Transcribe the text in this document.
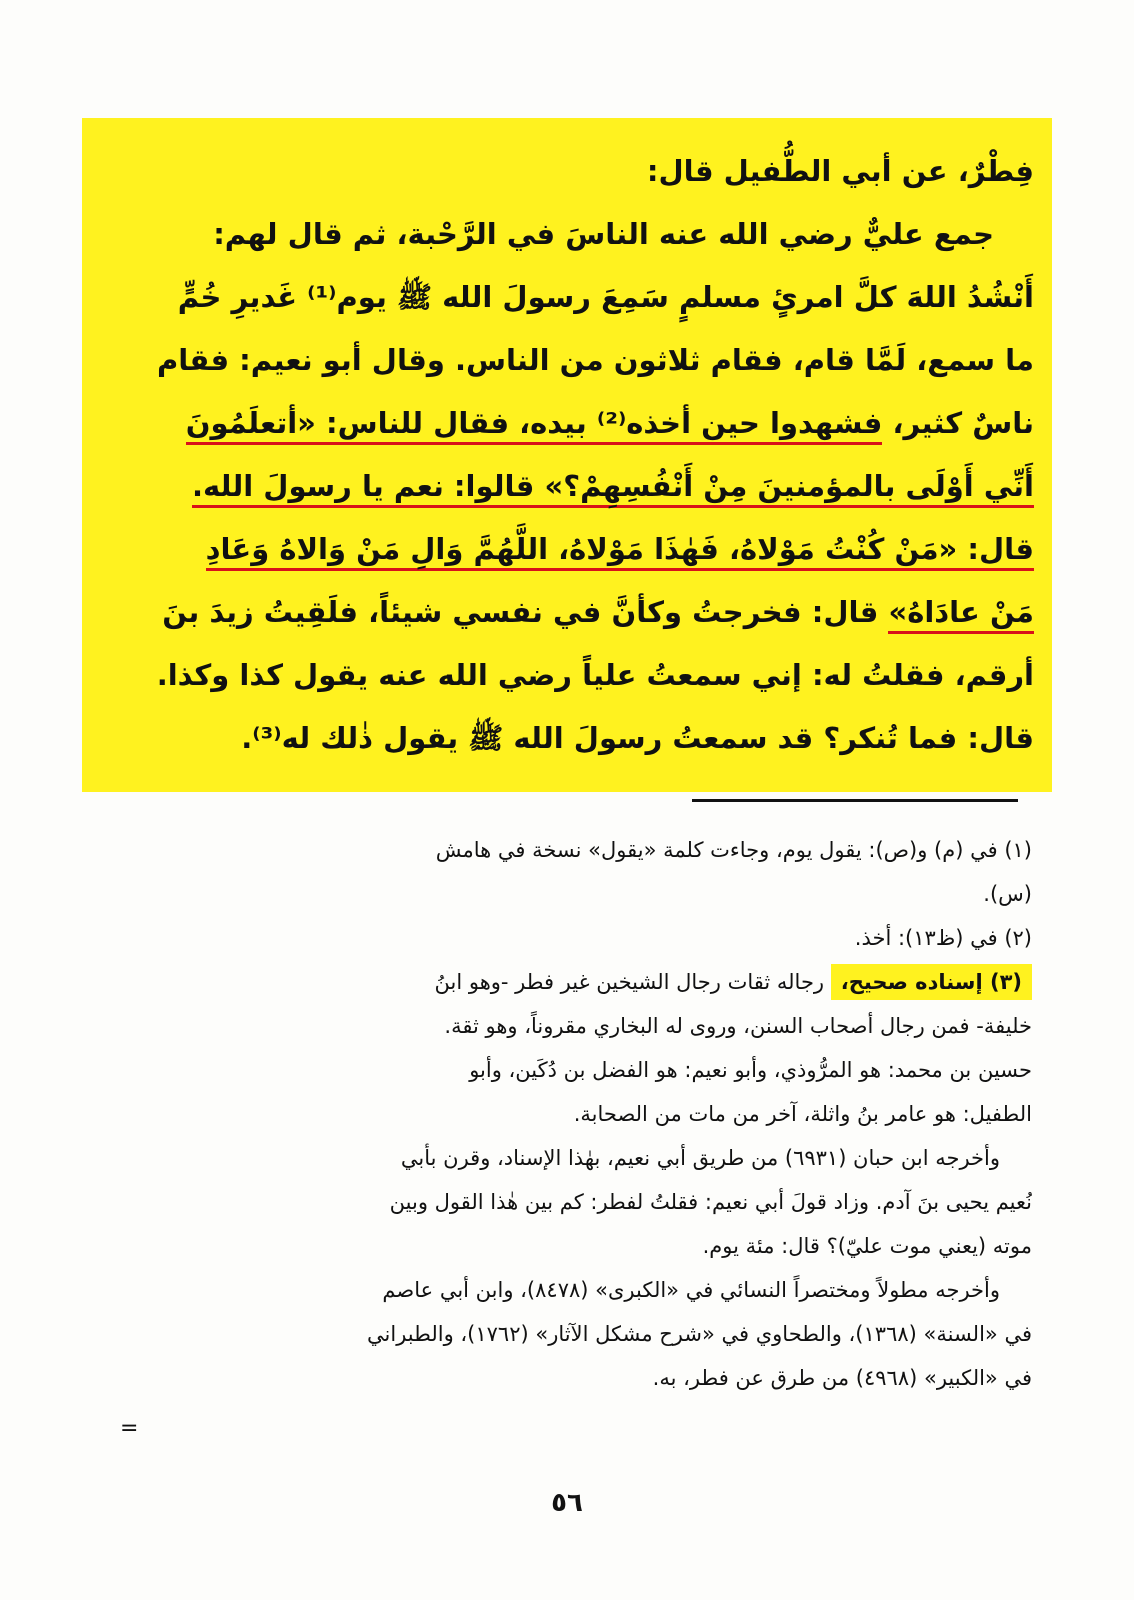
فِطْرٌ، عن أبي الطُّفيل قال:
جمع عليٌّ رضي الله عنه الناسَ في الرَّحْبة، ثم قال لهم:
أَنْشُدُ اللهَ كلَّ امرئٍ مسلمٍ سَمِعَ رسولَ الله ﷺ يوم⁽¹⁾ غَديرِ خُمٍّ
ما سمع، لَمَّا قام، فقام ثلاثون من الناس. وقال أبو نعيم: فقام
ناسٌ كثير، فشهدوا حين أخذه⁽²⁾ بيده، فقال للناس: «أتعلَمُونَ
أَنِّي أَوْلَى بالمؤمنينَ مِنْ أَنْفُسِهِمْ؟» قالوا: نعم يا رسولَ الله.
قال: «مَنْ كُنْتُ مَوْلاهُ، فَهٰذَا مَوْلاهُ، اللَّهُمَّ وَالِ مَنْ وَالاهُ وَعَادِ
مَنْ عادَاهُ» قال: فخرجتُ وكأنَّ في نفسي شيئاً، فلَقِيتُ زيدَ بنَ
أرقم، فقلتُ له: إني سمعتُ علياً رضي الله عنه يقول كذا وكذا.
قال: فما تُنكر؟ قد سمعتُ رسولَ الله ﷺ يقول ذٰلك له⁽³⁾.
(١) في (م) و(ص): يقول يوم، وجاءت كلمة «يقول» نسخة في هامش
(س).
(٢) في (ظ١٣): أخذ.
(٣) إسناده صحيح، رجاله ثقات رجال الشيخين غير فطر -وهو ابنُ
خليفة- فمن رجال أصحاب السنن، وروى له البخاري مقروناً، وهو ثقة.
حسين بن محمد: هو المرُّوذي، وأبو نعيم: هو الفضل بن دُكَين، وأبو
الطفيل: هو عامر بنُ واثلة، آخر من مات من الصحابة.
وأخرجه ابن حبان (٦٩٣١) من طريق أبي نعيم، بهٰذا الإسناد، وقرن بأبي
نُعيم يحيى بنَ آدم. وزاد قولَ أبي نعيم: فقلتُ لفطر: كم بين هٰذا القول وبين
موته (يعني موت عليّ)؟ قال: مئة يوم.
وأخرجه مطولاً ومختصراً النسائي في «الكبرى» (٨٤٧٨)، وابن أبي عاصم
في «السنة» (١٣٦٨)، والطحاوي في «شرح مشكل الآثار» (١٧٦٢)، والطبراني
في «الكبير» (٤٩٦٨) من طرق عن فطر، به.
=
٥٦
